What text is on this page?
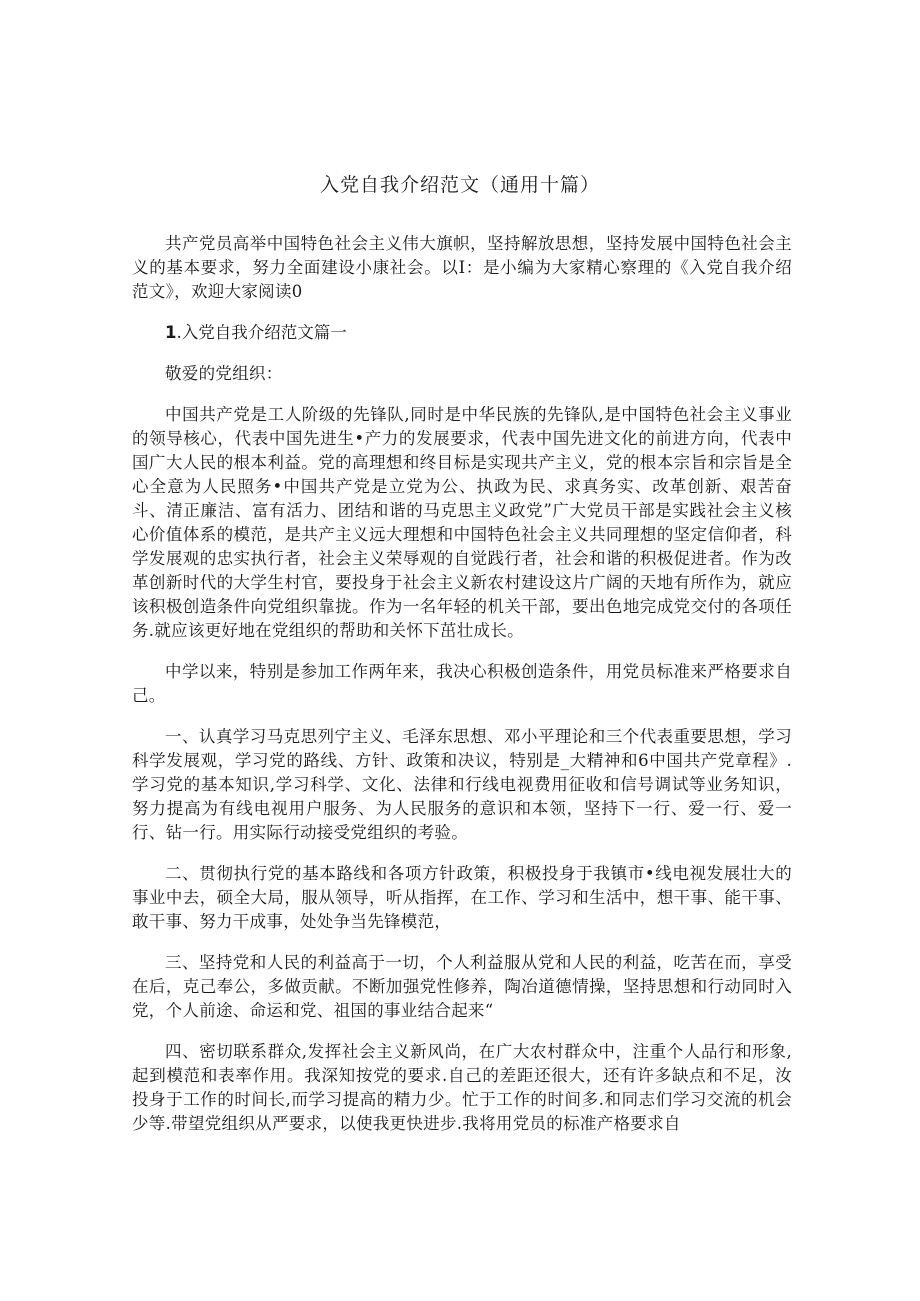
入党自我介绍范文（通用十篇）

共产党员高举中国特色社会主义伟大旗帜，坚持解放思想，坚持发展中国特色社会主义的基本要求，努力全面建设小康社会。以I：是小编为大家精心察理的《入党自我介绍范文》，欢迎大家阅读0

1.入党自我介绍范文篇一

敬爱的党组织：

中国共产党是工人阶级的先锋队,同时是中华民族的先锋队,是中国特色社会主义事业的领导核心，代表中国先进生•产力的发展要求，代表中国先进文化的前进方向，代表中国广大人民的根本利益。党的高理想和终目标是实现共产主义，党的根本宗旨和宗旨是全心全意为人民照务•中国共产党是立党为公、执政为民、求真务实、改革创新、艰苦奋斗、清正廉洁、富有活力、团结和谐的马克思主义政党”广大党员干部是实践社会主义核心价值体系的模范，是共产主义远大理想和中国特色社会主义共同理想的坚定信仰者，科学发展观的忠实执行者，社会主义荣辱观的自觉践行者，社会和谐的积极促进者。作为改革创新时代的大学生村官，要投身于社会主义新农村建设这片广阔的天地有所作为，就应该积极创造条件向党组织靠拢。作为一名年轻的机关干部，要出色地完成党交付的各项任务.就应该更好地在党组织的帮助和关怀下茁壮成长。

中学以来，特别是参加工作两年来，我决心积极创造条件，用党员标准来严格要求自己。

一、认真学习马克思列宁主义、毛泽东思想、邓小平理论和三个代表重要思想，学习科学发展观，学习党的路线、方针、政策和决议，特别是_大精神和6中国共产党章程》.学习党的基本知识,学习科学、文化、法律和行线电视费用征收和信号调试等业务知识，努力提高为有线电视用户服务、为人民服务的意识和本领，坚持下一行、爱一行、爱一行、钻一行。用实际行动接受党组织的考验。

二、贯彻执行党的基本路线和各项方针政策，积极投身于我镇市•线电视发展壮大的事业中去，硕全大局，服从领导，听从指挥，在工作、学习和生活中，想干事、能干事、敢干事、努力干成事，处处争当先锋模范，

三、坚持党和人民的利益高于一切，个人利益服从党和人民的利益，吃苦在而，享受在后，克己奉公，多做贡献。不断加强党性修养，陶冶道德情操，坚持思想和行动同时入党，个人前途、命运和党、祖国的事业结合起来“

四、密切联系群众,发挥社会主义新风尚，在广大农村群众中，注重个人品行和形象,起到模范和表率作用。我深知按党的要求.自己的差距还很大，还有许多缺点和不足，汝投身于工作的时间长,而学习提高的精力少。忙于工作的时间多.和同志们学习交流的机会少等.带望党组织从严要求，以使我更快进步.我将用党员的标准产格要求自
